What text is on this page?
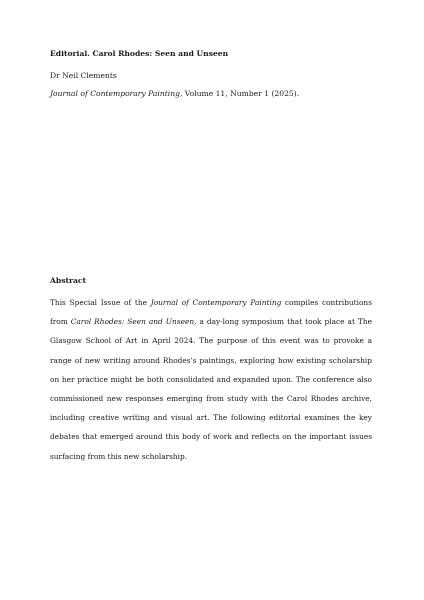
Editorial. Carol Rhodes: Seen and Unseen
Dr Neil Clements
Journal of Contemporary Painting, Volume 11, Number 1 (2025).
Abstract
This Special Issue of the Journal of Contemporary Painting compiles contributions from Carol Rhodes: Seen and Unseen, a day-long symposium that took place at The Glasgow School of Art in April 2024. The purpose of this event was to provoke a range of new writing around Rhodes's paintings, exploring how existing scholarship on her practice might be both consolidated and expanded upon. The conference also commissioned new responses emerging from study with the Carol Rhodes archive, including creative writing and visual art. The following editorial examines the key debates that emerged around this body of work and reflects on the important issues surfacing from this new scholarship.
